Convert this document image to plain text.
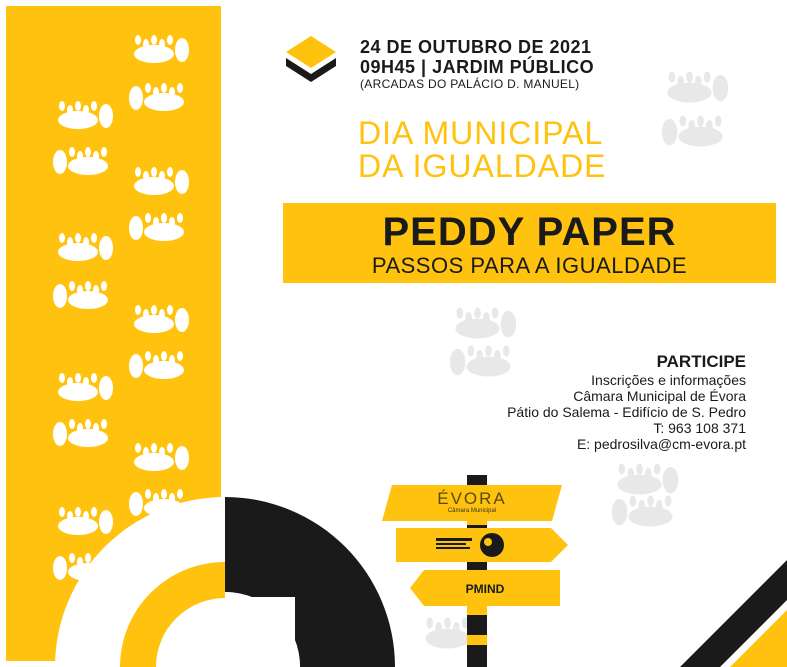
24 DE OUTUBRO DE 2021
09H45 | JARDIM PÚBLICO
(ARCADAS DO PALÁCIO D. MANUEL)
DIA MUNICIPAL
DA IGUALDADE
PEDDY PAPER
PASSOS PARA A IGUALDADE
PARTICIPE
Inscrições e informações
Câmara Municipal de Évora
Pátio do Salema - Edifício de S. Pedro
T: 963 108 371
E: pedrosilva@cm-evora.pt
ÉVORA
Câmara Municipal
PMIND
